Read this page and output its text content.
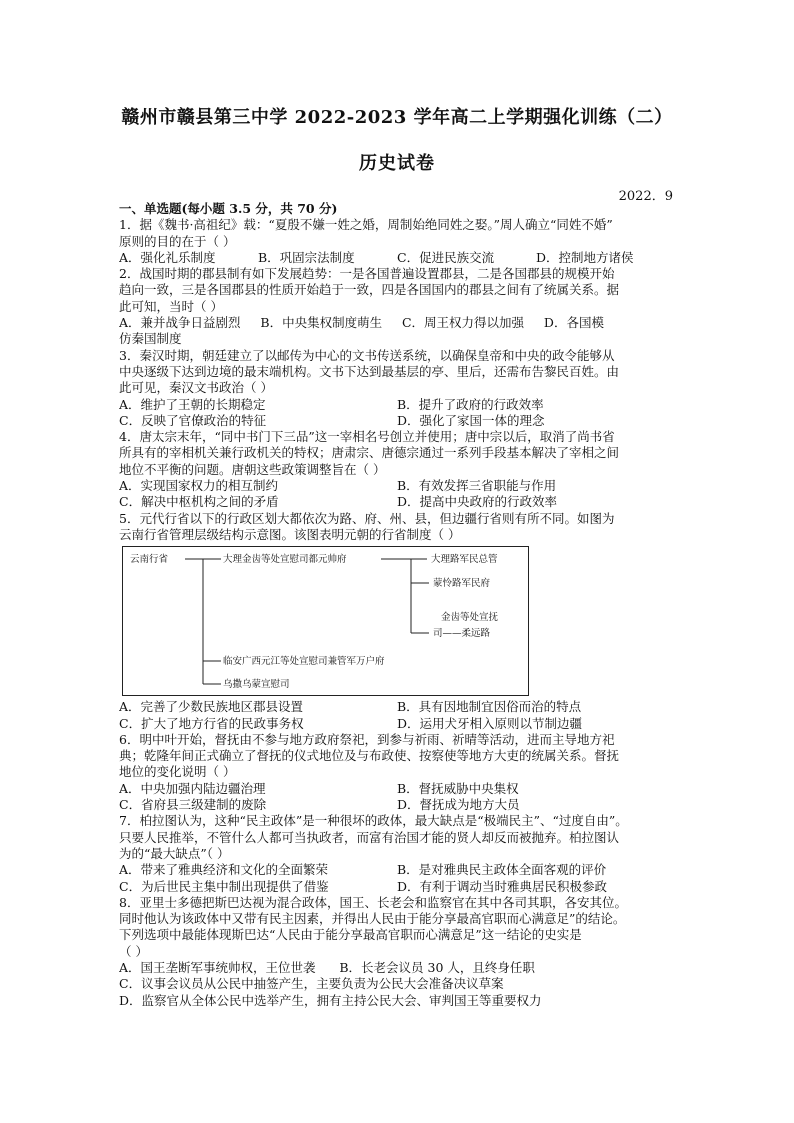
赣州市赣县第三中学 2022-2023 学年高二上学期强化训练（二）
历史试卷
2022．9
一、单选题(每小题 3.5 分，共 70 分)
1．据《魏书·高祖纪》载：“夏殷不嫌一姓之婚，周制始绝同姓之娶。”周人确立“同姓不婚”
原则的目的在于（ ）
A．强化礼乐制度	B．巩固宗法制度	C．促进民族交流	D．控制地方诸侯
2．战国时期的郡县制有如下发展趋势：一是各国普遍设置郡县，二是各国郡县的规模开始
趋向一致，三是各国郡县的性质开始趋于一致，四是各国国内的郡县之间有了统属关系。据
此可知，当时（ ）
A．兼并战争日益剧烈 B．中央集权制度萌生 C．周王权力得以加强 D．各国模
仿秦国制度
3．秦汉时期，朝廷建立了以邮传为中心的文书传送系统，以确保皇帝和中央的政令能够从
中央逐级下达到边境的最末端机构。文书下达到最基层的亭、里后，还需布告黎民百姓。由
此可见，秦汉文书政治（ ）
A．维护了王朝的长期稳定	B．提升了政府的行政效率
C．反映了官僚政治的特征	D．强化了家国一体的理念
4．唐太宗末年，“同中书门下三品”这一宰相名号创立并使用；唐中宗以后，取消了尚书省
所具有的宰相机关兼行政机关的特权；唐肃宗、唐德宗通过一系列手段基本解决了宰相之间
地位不平衡的问题。唐朝这些政策调整旨在（ ）
A．实现国家权力的相互制约	B．有效发挥三省职能与作用
C．解决中枢机构之间的矛盾	D．提高中央政府的行政效率
5．元代行省以下的行政区划大都依次为路、府、州、县，但边疆行省则有所不同。如图为
云南行省管理层级结构示意图。该图表明元朝的行省制度（ ）
云南行省	大理金齿等处宣慰司都元帅府	大理路军民总管
蒙怜路军民府
金齿等处宣抚
司——柔远路
临安广西元江等处宣慰司兼管军万户府
乌撒乌蒙宣慰司
A．完善了少数民族地区郡县设置	B．具有因地制宜因俗而治的特点
C．扩大了地方行省的民政事务权	D．运用犬牙相入原则以节制边疆
6．明中叶开始，督抚由不参与地方政府祭祀，到参与祈雨、祈晴等活动，进而主导地方祀
典；乾隆年间正式确立了督抚的仪式地位及与布政使、按察使等地方大吏的统属关系。督抚
地位的变化说明（ ）
A．中央加强内陆边疆治理	B．督抚威胁中央集权
C．省府县三级建制的废除	D．督抚成为地方大员
7．柏拉图认为，这种“民主政体”是一种很坏的政体，最大缺点是“极端民主”、“过度自由”。
只要人民推举，不管什么人都可当执政者，而富有治国才能的贤人却反而被抛弃。柏拉图认
为的“最大缺点”（ ）
A．带来了雅典经济和文化的全面繁荣	B．是对雅典民主政体全面客观的评价
C．为后世民主集中制出现提供了借鉴	D．有利于调动当时雅典居民积极参政
8．亚里士多德把斯巴达视为混合政体，国王、长老会和监察官在其中各司其职，各安其位。
同时他认为该政体中又带有民主因素，并得出人民由于能分享最高官职而心满意足”的结论。
下列选项中最能体现斯巴达“人民由于能分享最高官职而心满意足”这一结论的史实是
（ ）
A．国王垄断军事统帅权，王位世袭 B．长老会议员 30 人，且终身任职
C．议事会议员从公民中抽签产生，主要负责为公民大会准备决议草案
D．监察官从全体公民中选举产生，拥有主持公民大会、审判国王等重要权力
